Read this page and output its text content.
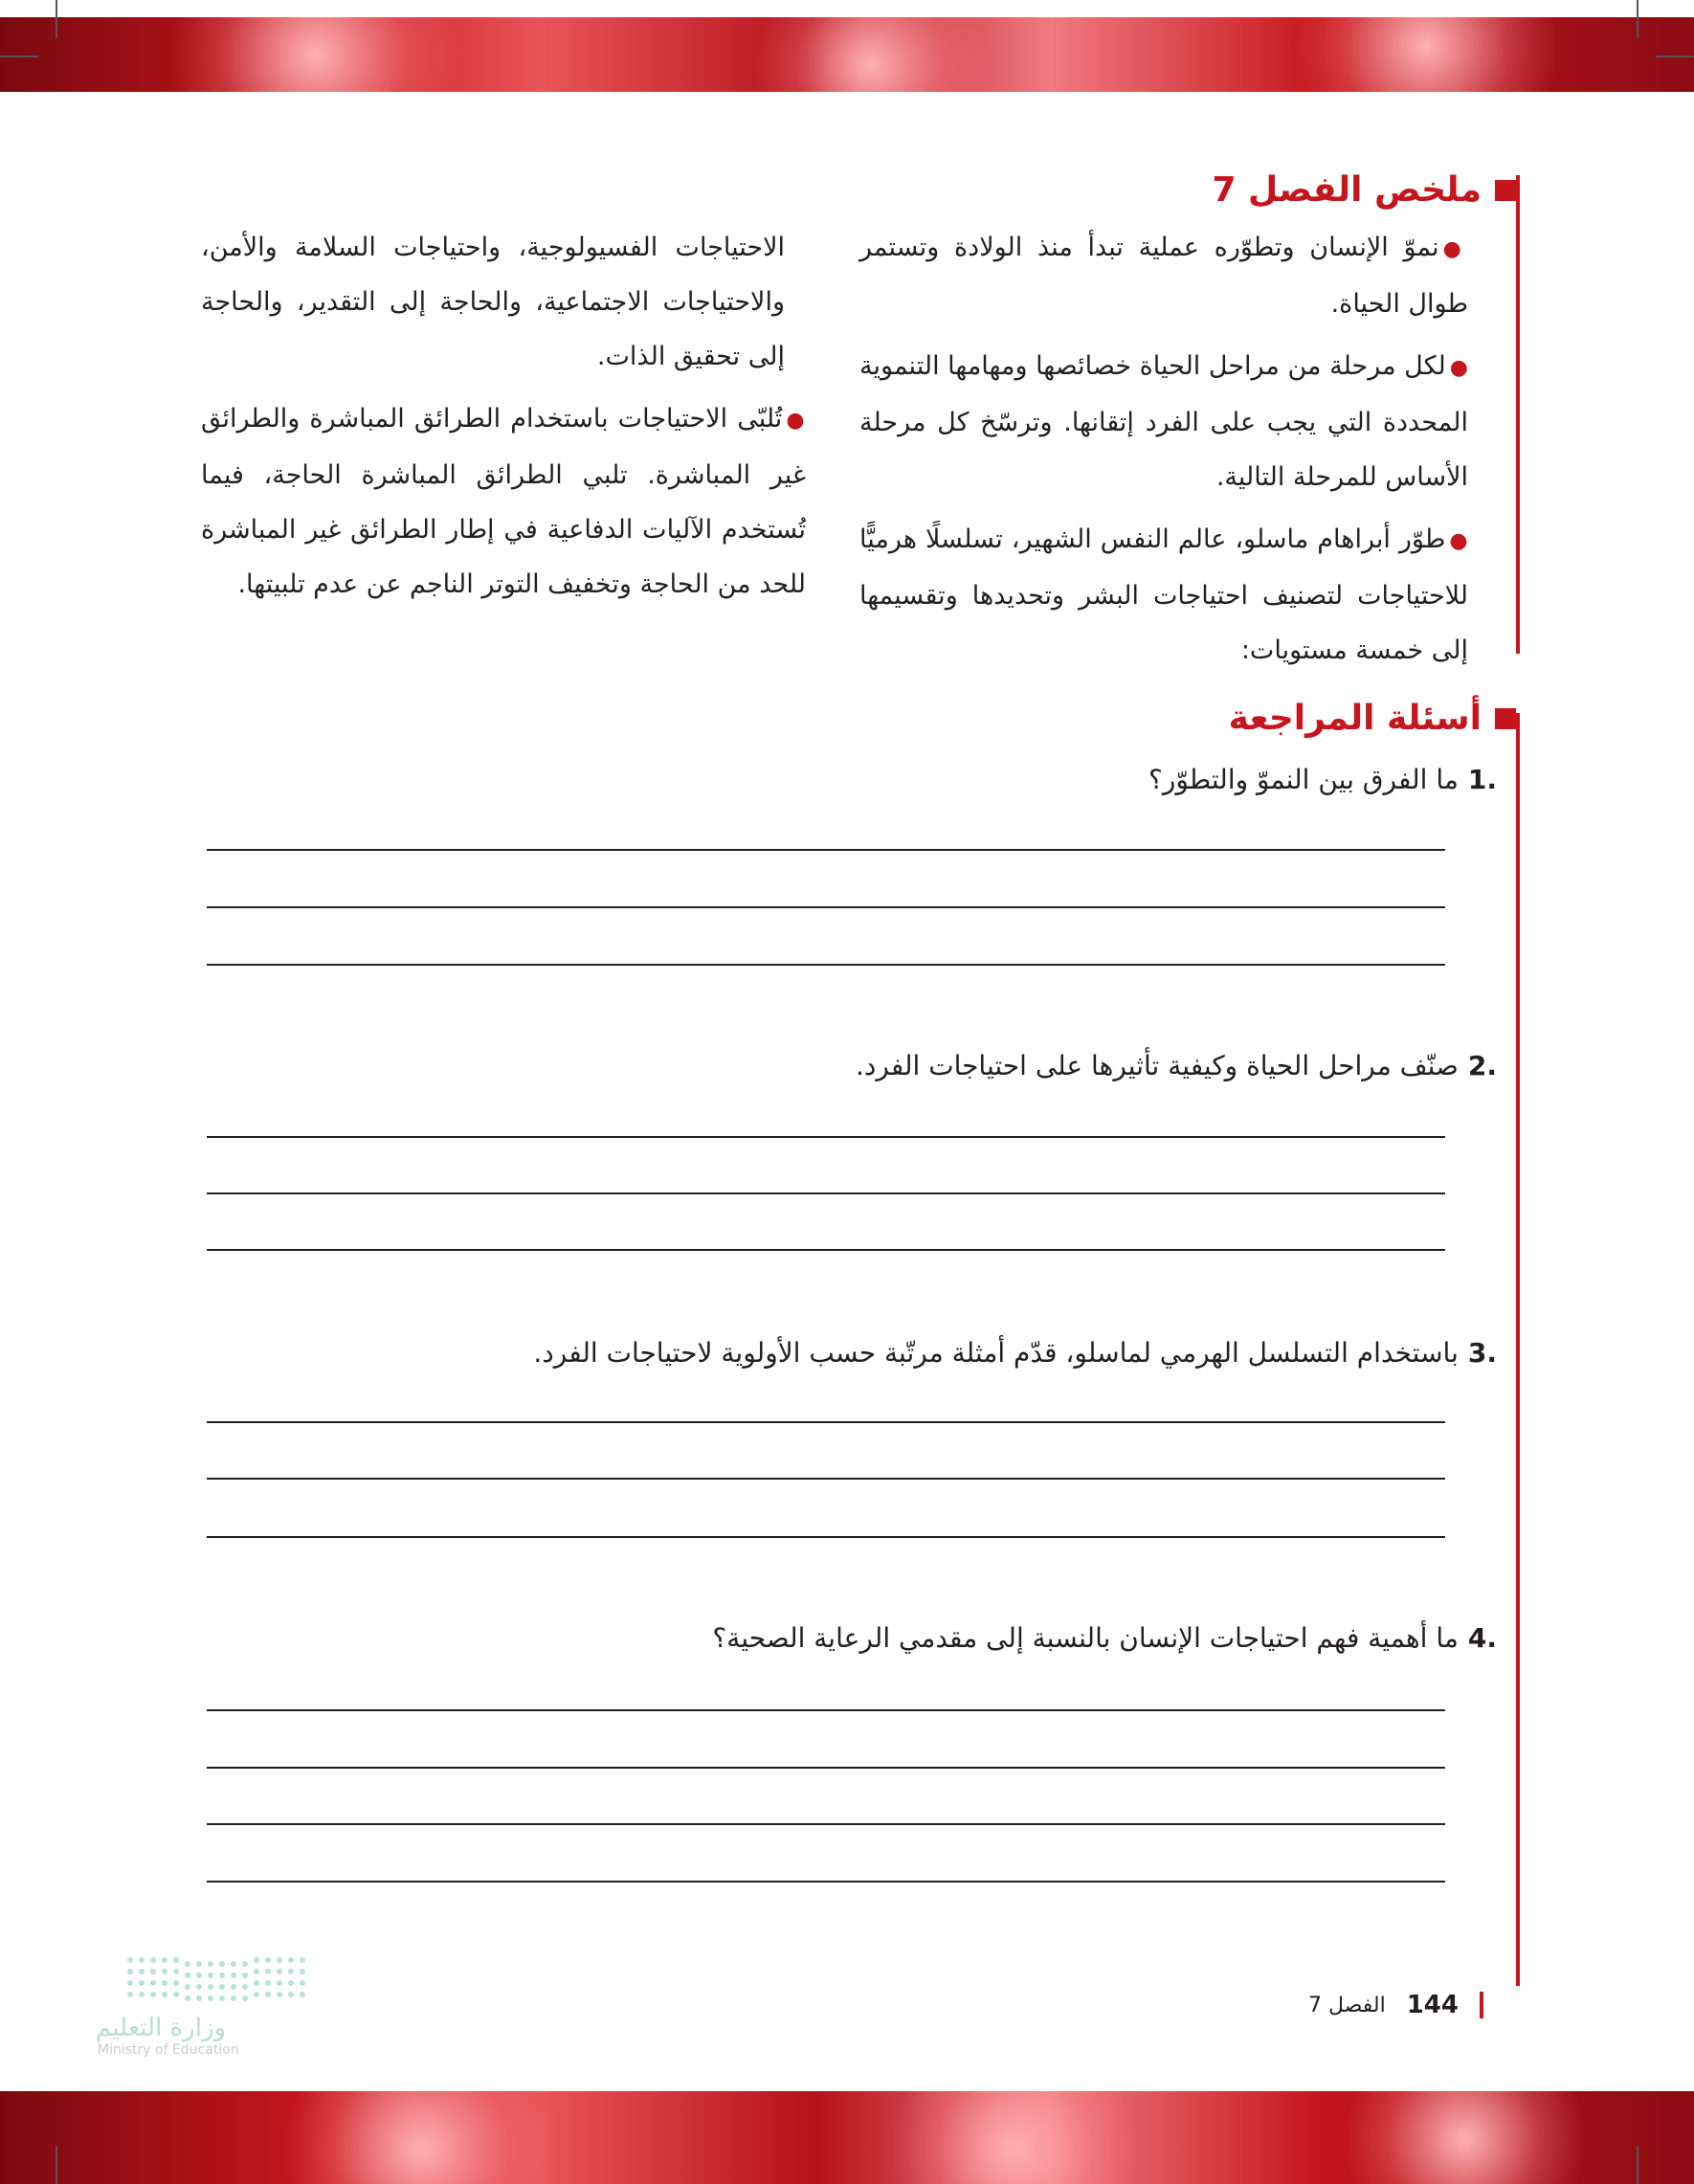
ملخص الفصل 7

●نموّ الإنسان وتطوّره عملية تبدأ منذ الولادة وتستمر طوال الحياة.

●لكل مرحلة من مراحل الحياة خصائصها ومهامها التنموية المحددة التي يجب على الفرد إتقانها. وترسّخ كل مرحلة الأساس للمرحلة التالية.

●طوّر أبراهام ماسلو، عالم النفس الشهير، تسلسلًا هرميًّا للاحتياجات لتصنيف احتياجات البشر وتحديدها وتقسيمها إلى خمسة مستويات:

الاحتياجات الفسيولوجية، واحتياجات السلامة والأمن، والاحتياجات الاجتماعية، والحاجة إلى التقدير، والحاجة إلى تحقيق الذات.

●تُلبّى الاحتياجات باستخدام الطرائق المباشرة والطرائق غير المباشرة. تلبي الطرائق المباشرة الحاجة، فيما تُستخدم الآليات الدفاعية في إطار الطرائق غير المباشرة للحد من الحاجة وتخفيف التوتر الناجم عن عدم تلبيتها.

أسئلة المراجعة
.1
ما الفرق بين النموّ والتطوّر؟
.2
صنّف مراحل الحياة وكيفية تأثيرها على احتياجات الفرد.
.3
باستخدام التسلسل الهرمي لماسلو، قدّم أمثلة مرتّبة حسب الأولوية لاحتياجات الفرد.
.4
ما أهمية فهم احتياجات الإنسان بالنسبة إلى مقدمي الرعاية الصحية؟
وزارة التعليم
Ministry of Education
144
الفصل 7
